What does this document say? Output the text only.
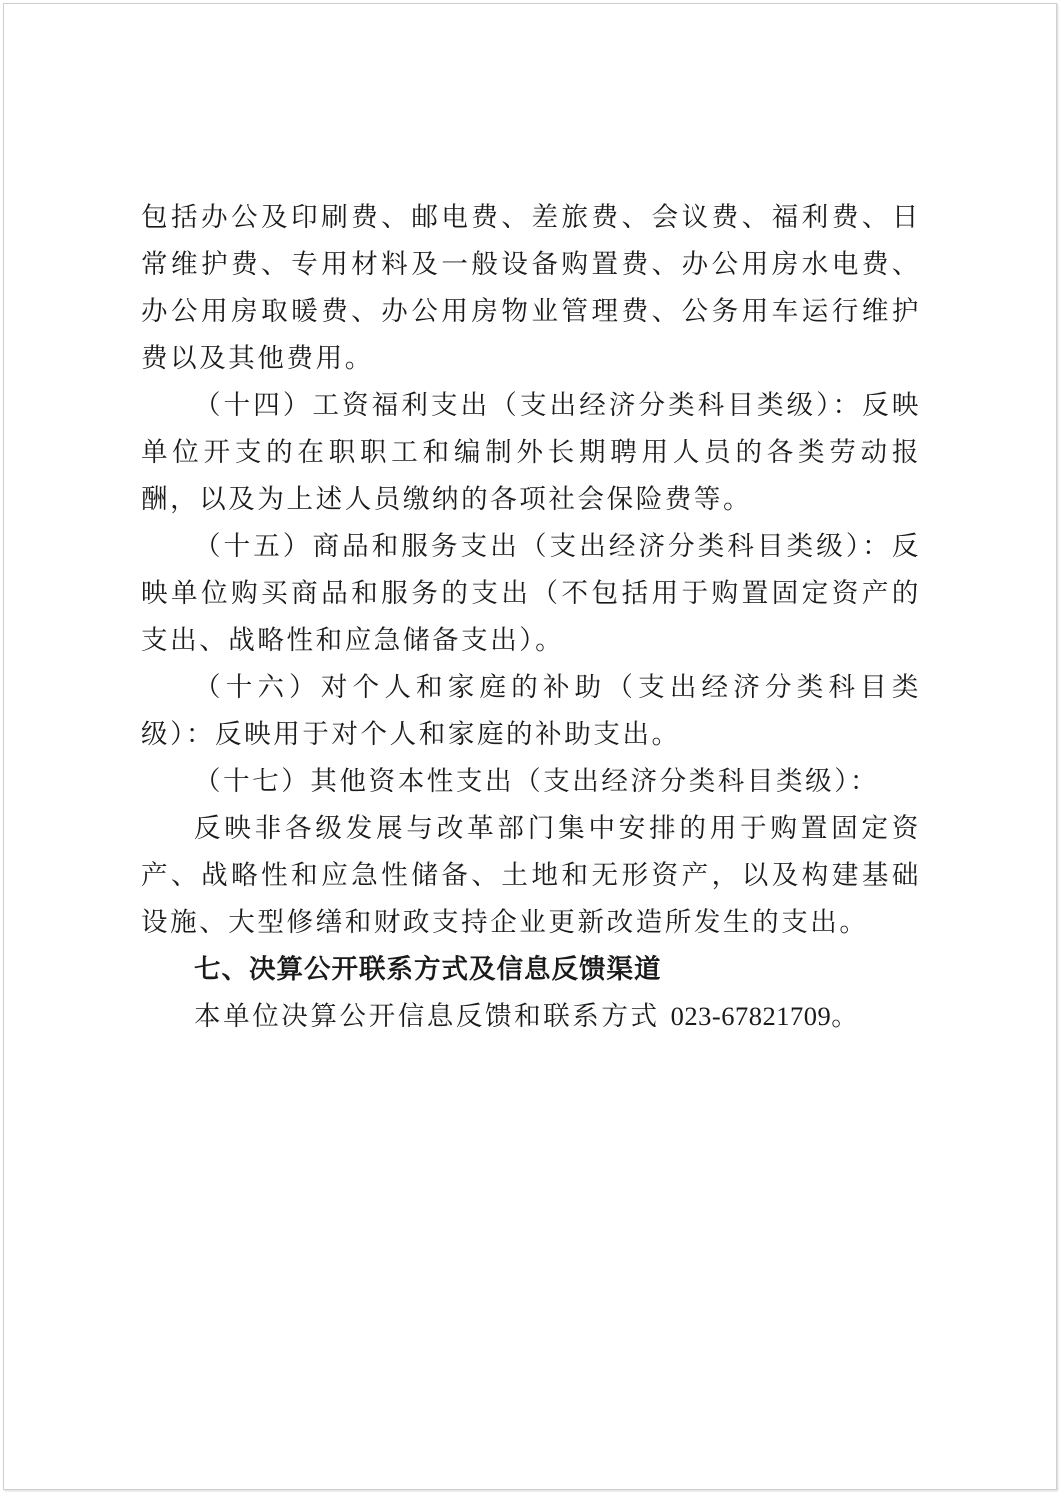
包括办公及印刷费、邮电费、差旅费、会议费、福利费、日常维护费、专用材料及一般设备购置费、办公用房水电费、办公用房取暖费、办公用房物业管理费、公务用车运行维护费以及其他费用。

（十四）工资福利支出（支出经济分类科目类级）：反映单位开支的在职职工和编制外长期聘用人员的各类劳动报酬，以及为上述人员缴纳的各项社会保险费等。

（十五）商品和服务支出（支出经济分类科目类级）：反映单位购买商品和服务的支出（不包括用于购置固定资产的支出、战略性和应急储备支出）。

（十六）对个人和家庭的补助（支出经济分类科目类级）：反映用于对个人和家庭的补助支出。

（十七）其他资本性支出（支出经济分类科目类级）：

反映非各级发展与改革部门集中安排的用于购置固定资产、战略性和应急性储备、土地和无形资产，以及构建基础设施、大型修缮和财政支持企业更新改造所发生的支出。

七、决算公开联系方式及信息反馈渠道

本单位决算公开信息反馈和联系方式 023-67821709。
